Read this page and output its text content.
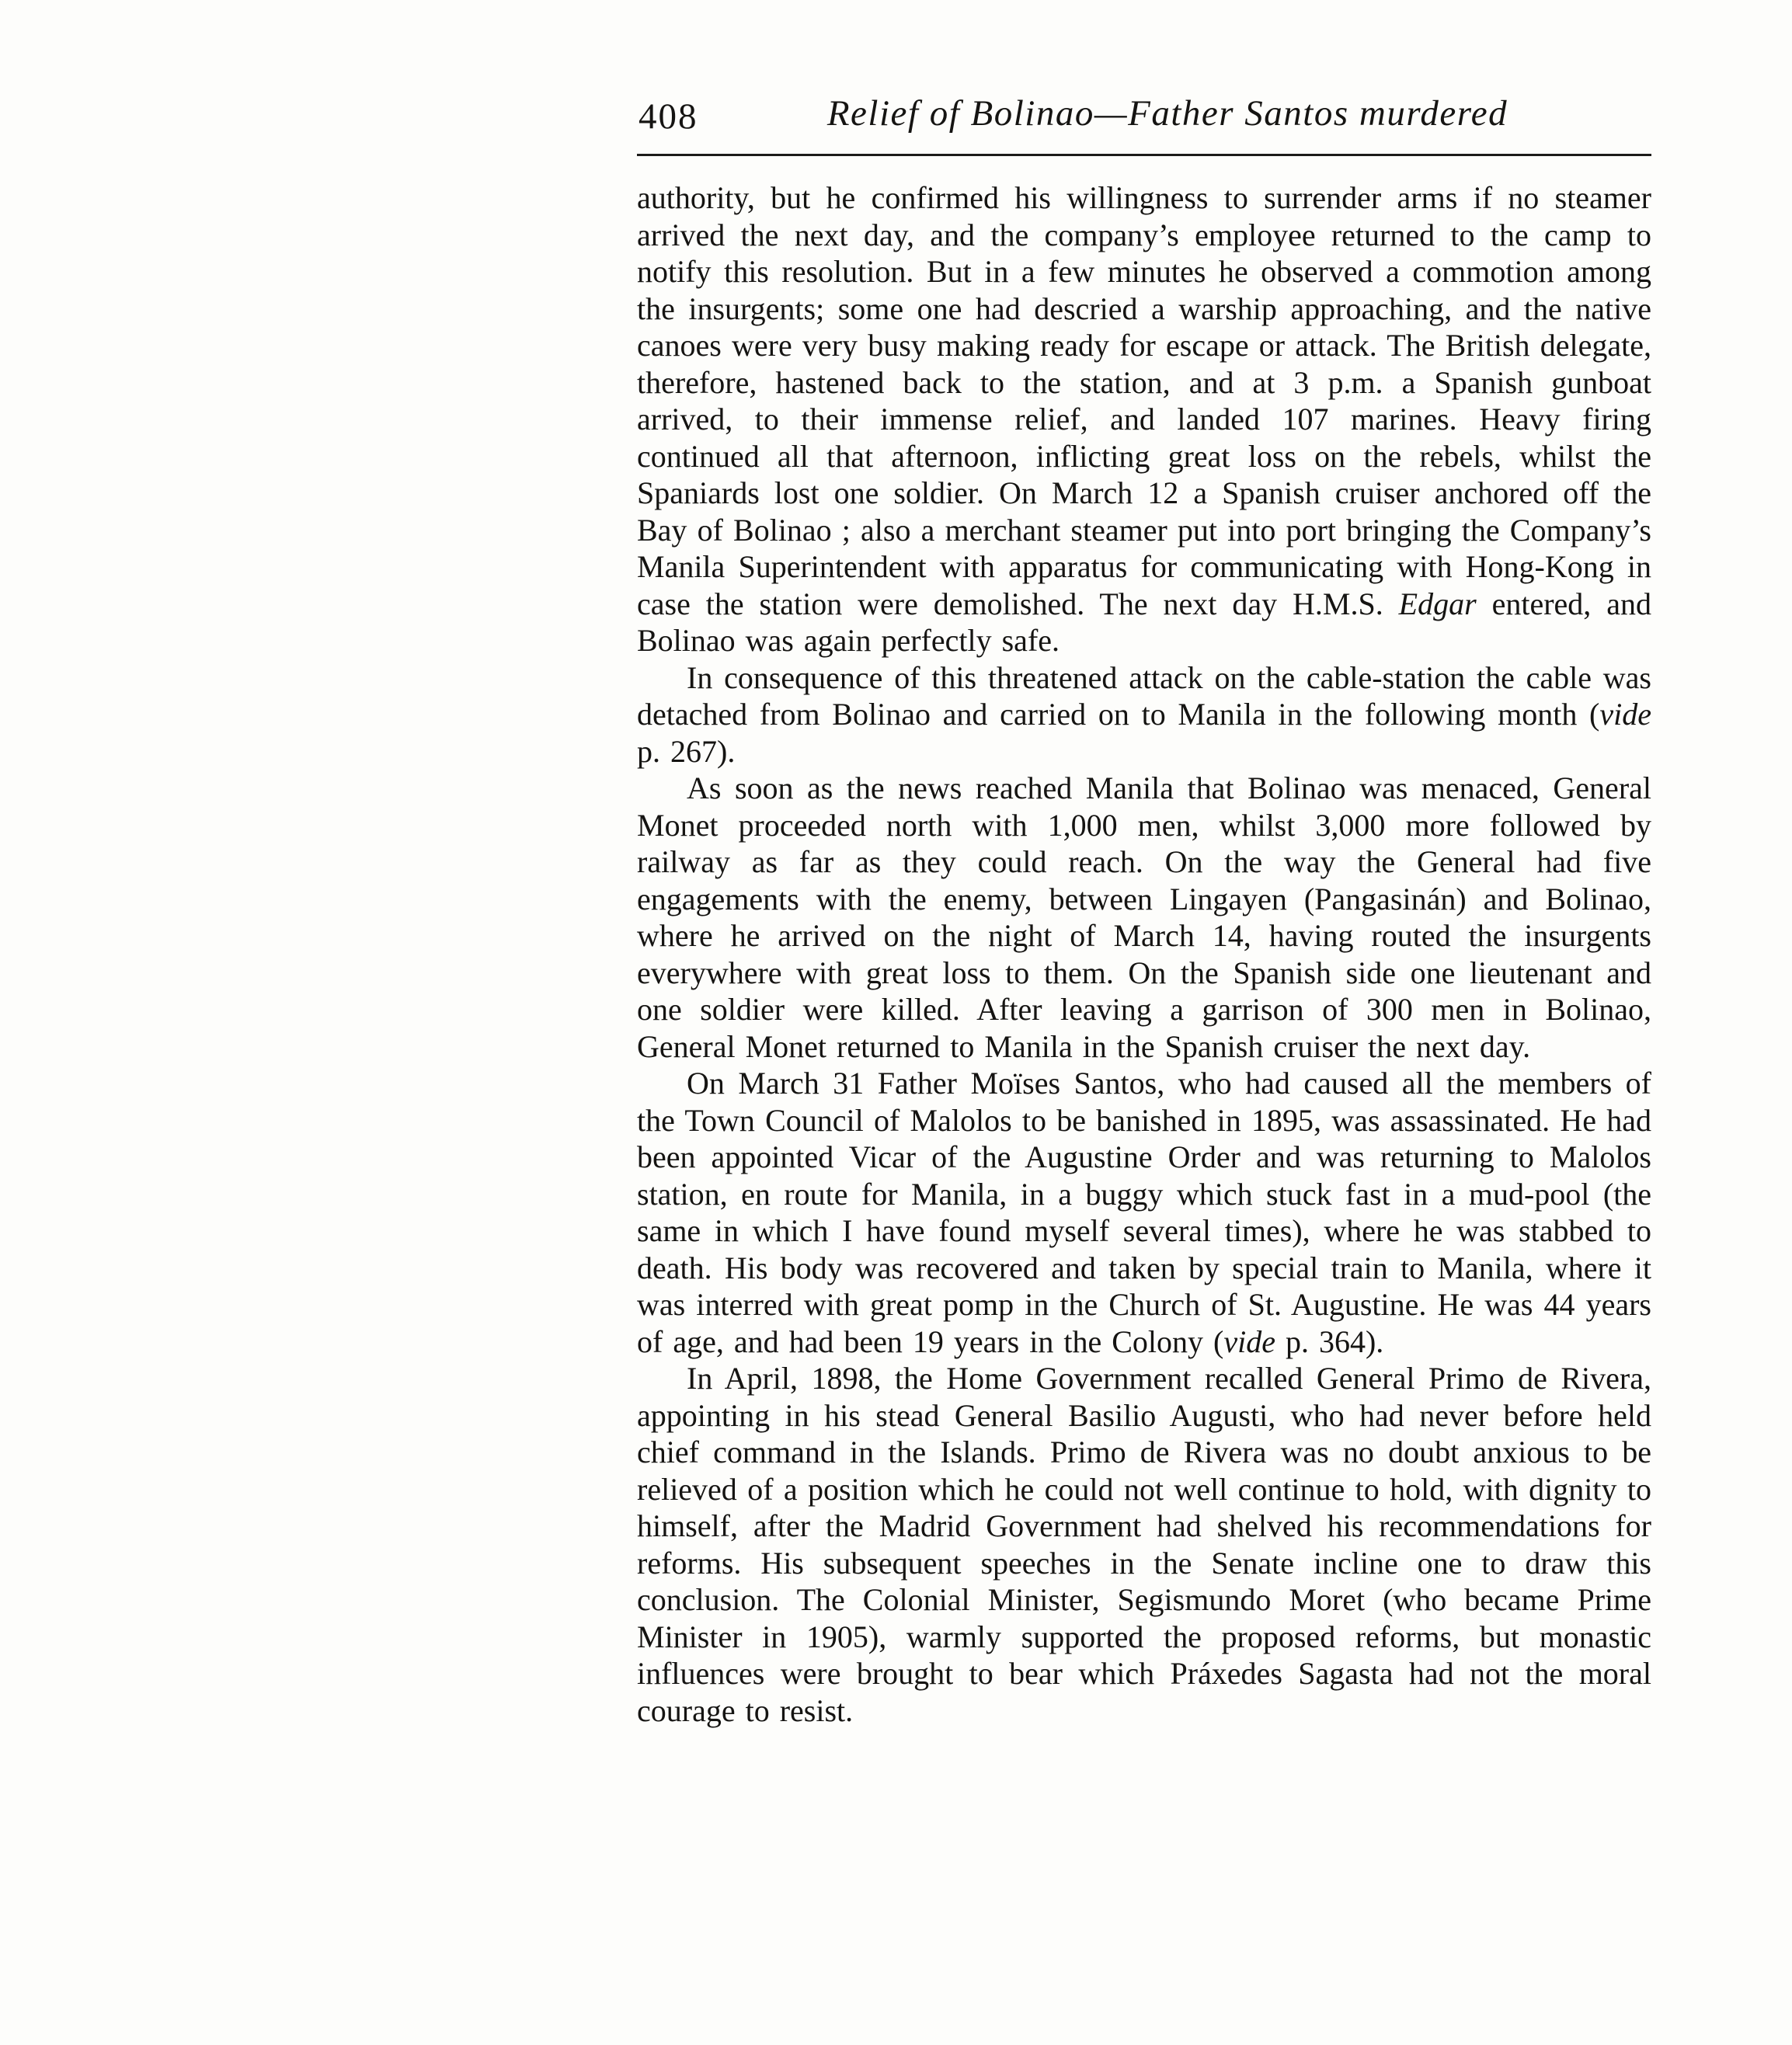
408	Relief of Bolinao—Father Santos murdered

authority, but he confirmed his willingness to surrender arms if no steamer arrived the next day, and the company’s employee returned to the camp to notify this resolution. But in a few minutes he observed a commotion among the insurgents; some one had descried a warship approaching, and the native canoes were very busy making ready for escape or attack. The British delegate, therefore, hastened back to the station, and at 3 p.m. a Spanish gunboat arrived, to their immense relief, and landed 107 marines. Heavy firing continued all that afternoon, inflicting great loss on the rebels, whilst the Spaniards lost one soldier. On March 12 a Spanish cruiser anchored off the Bay of Bolinao ; also a merchant steamer put into port bringing the Company’s Manila Superintendent with apparatus for communicating with Hong-Kong in case the station were demolished. The next day H.M.S. Edgar entered, and Bolinao was again perfectly safe.

In consequence of this threatened attack on the cable-station the cable was detached from Bolinao and carried on to Manila in the following month (vide p. 267).

As soon as the news reached Manila that Bolinao was menaced, General Monet proceeded north with 1,000 men, whilst 3,000 more followed by railway as far as they could reach. On the way the General had five engagements with the enemy, between Lingayen (Pangasinán) and Bolinao, where he arrived on the night of March 14, having routed the insurgents everywhere with great loss to them. On the Spanish side one lieutenant and one soldier were killed. After leaving a garrison of 300 men in Bolinao, General Monet returned to Manila in the Spanish cruiser the next day.

On March 31 Father Moïses Santos, who had caused all the members of the Town Council of Malolos to be banished in 1895, was assassinated. He had been appointed Vicar of the Augustine Order and was returning to Malolos station, en route for Manila, in a buggy which stuck fast in a mud-pool (the same in which I have found myself several times), where he was stabbed to death. His body was recovered and taken by special train to Manila, where it was interred with great pomp in the Church of St. Augustine. He was 44 years of age, and had been 19 years in the Colony (vide p. 364).

In April, 1898, the Home Government recalled General Primo de Rivera, appointing in his stead General Basilio Augusti, who had never before held chief command in the Islands. Primo de Rivera was no doubt anxious to be relieved of a position which he could not well continue to hold, with dignity to himself, after the Madrid Government had shelved his recommendations for reforms. His subsequent speeches in the Senate incline one to draw this conclusion. The Colonial Minister, Segismundo Moret (who became Prime Minister in 1905), warmly supported the proposed reforms, but monastic influences were brought to bear which Práxedes Sagasta had not the moral courage to resist.
